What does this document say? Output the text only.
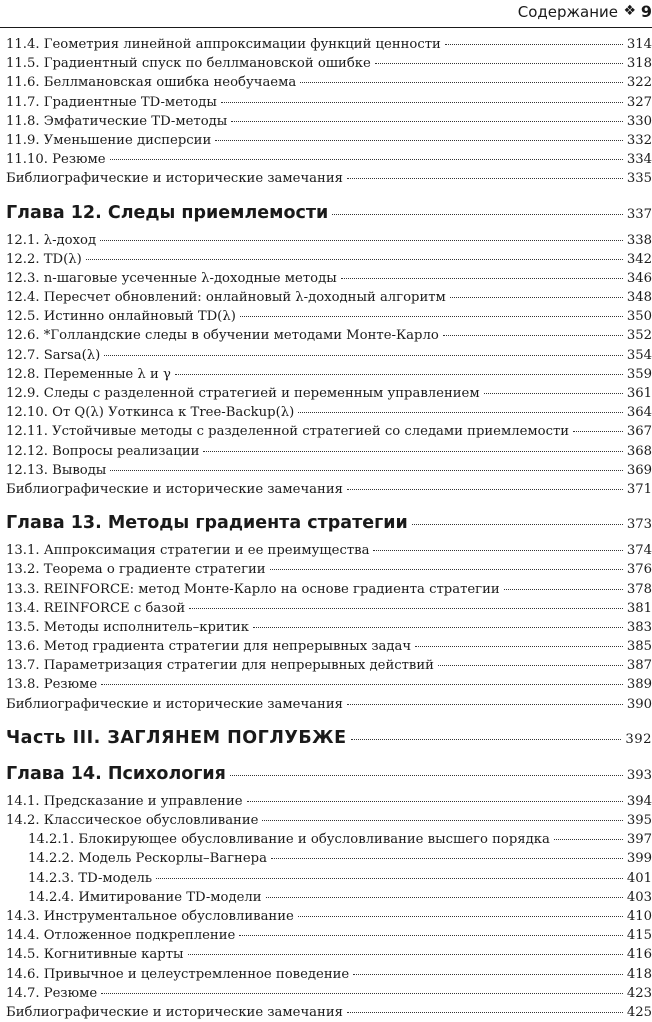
Содержание ❖ 9
11.4. Геометрия линейной аппроксимации функций ценности	314
11.5. Градиентный спуск по беллмановской ошибке	318
11.6. Беллмановская ошибка необучаема	322
11.7. Градиентные TD-методы	327
11.8. Эмфатические TD-методы	330
11.9. Уменьшение дисперсии	332
11.10. Резюме	334
Библиографические и исторические замечания	335
Глава 12. Следы приемлемости	337
12.1. λ-доход	338
12.2. TD(λ)	342
12.3. n-шаговые усеченные λ-доходные методы	346
12.4. Пересчет обновлений: онлайновый λ-доходный алгоритм	348
12.5. Истинно онлайновый TD(λ)	350
12.6. *Голландские следы в обучении методами Монте-Карло	352
12.7. Sarsa(λ)	354
12.8. Переменные λ и γ	359
12.9. Следы с разделенной стратегией и переменным управлением	361
12.10. От Q(λ) Уоткинса к Tree-Backup(λ)	364
12.11. Устойчивые методы с разделенной стратегией со следами приемлемости	367
12.12. Вопросы реализации	368
12.13. Выводы	369
Библиографические и исторические замечания	371
Глава 13. Методы градиента стратегии	373
13.1. Аппроксимация стратегии и ее преимущества	374
13.2. Теорема о градиенте стратегии	376
13.3. REINFORCE: метод Монте-Карло на основе градиента стратегии	378
13.4. REINFORCE с базой	381
13.5. Методы исполнитель–критик	383
13.6. Метод градиента стратегии для непрерывных задач	385
13.7. Параметризация стратегии для непрерывных действий	387
13.8. Резюме	389
Библиографические и исторические замечания	390
Часть III. ЗАГЛЯНЕМ ПОГЛУБЖЕ	392
Глава 14. Психология	393
14.1. Предсказание и управление	394
14.2. Классическое обусловливание	395
14.2.1. Блокирующее обусловливание и обусловливание высшего порядка	397
14.2.2. Модель Рескорлы–Вагнера	399
14.2.3. TD-модель	401
14.2.4. Имитирование TD-модели	403
14.3. Инструментальное обусловливание	410
14.4. Отложенное подкрепление	415
14.5. Когнитивные карты	416
14.6. Привычное и целеустремленное поведение	418
14.7. Резюме	423
Библиографические и исторические замечания	425
